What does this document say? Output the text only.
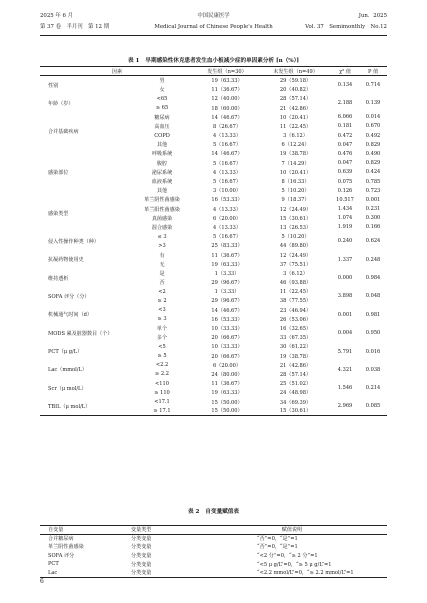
2025 年 6 月	中国民康医学	Jun．2025
第 37 卷　半月刊　第 12 期	Medical Journal of Chinese People's Health	Vol. 37　Semimonthly　No.12
表 1 早期感染性休克患者发生血小板减少症的单因素分析 [n（%）]
因素		发生组（n=30）	未发生组（n=49）	χ² 值	P 值
性别	男	19（63.33）	29（59.18）	0.134	0.714
	女	11（36.67）	20（40.82）		
年龄（岁）	<65	12（40.00）	28（57.14）	2.188	0.139
	≥ 65	18（60.00）	21（42.86）		
合并基础疾病	糖尿病	14（46.67）	10（20.41）	6.066	0.014
	高血压	8（26.67）	11（22.45）	0.181	0.670
	COPD	4（13.33）	3（6.12）	0.472	0.492
	其他	5（16.67）	6（12.24）	0.047	0.829
感染部位	呼吸系统	14（46.67）	19（38.78）	0.476	0.490
	腹腔	5（16.67）	7（14.29）	0.047	0.829
	泌尿系统	4（13.33）	10（20.41）	0.639	0.424
	血液系统	5（16.67）	8（16.33）	0.075	0.785
	其他	3（10.00）	5（10.20）	0.126	0.723
感染类型	革兰阴性菌感染	16（53.33）	9（18.37）	10.517	0.001
	革兰阳性菌感染	4（13.33）	12（24.49）	1.434	0.231
	真菌感染	6（20.00）	15（30.61）	1.074	0.300
	混合感染	4（13.33）	13（26.53）	1.919	0.166
侵入性操作种类（种）	≤ 3	5（16.67）	5（10.20）	0.240	0.624
	>3	25（83.33）	44（89.80）		
抗凝药物使用史	有	11（36.67）	12（24.49）	1.337	0.248
	无	19（63.33）	37（75.51）		
维持透析	是	1（3.33）	3（6.12）	0.000	0.984
	否	29（96.67）	46（93.88）		
SOFA 评分（分）	<2	1（3.33）	11（22.45）	3.898	0.048
	≥ 2	29（96.67）	38（77.55）		
机械通气时间（d）	<3	14（46.67）	23（46.94）	0.001	0.981
	≥ 3	16（53.33）	26（53.06）		
MODS 累及脏器数目（个）	单个	10（33.33）	16（32.65）	0.004	0.950
	多个	20（66.67）	33（67.35）		
PCT（μ g/L）	<5	10（33.33）	30（61.22）	5.791	0.016
	≥ 5	20（66.67）	19（38.78）		
Lac（mmol/L）	<2.2	6（20.00）	21（42.86）	4.321	0.038
	≥ 2.2	24（80.00）	28（57.14）		
Scr（μ mol/L）	<110	11（36.67）	25（51.02）	1.546	0.214
	≥ 110	19（63.33）	24（48.98）		
TBIL（μ mol/L）	<17.1	15（50.00）	34（69.39）	2.969	0.085
	≥ 17.1	15（50.00）	15（30.61）		
表 2 自变量赋值表
自变量	变量类型	赋值说明
合并糖尿病	分类变量	“否”=0，“是”=1
革兰阴性菌感染	分类变量	“否”=0，“是”=1
SOFA 评分	分类变量	“<2 分”=0，“≥ 2 分”=1
PCT	分类变量	“<5 μ g/L”=0，“≥ 5 μ g/L”=1
Lac	分类变量	“<2.2 mmol/L”=0，“≥ 2.2 mmol/L”=1
6
